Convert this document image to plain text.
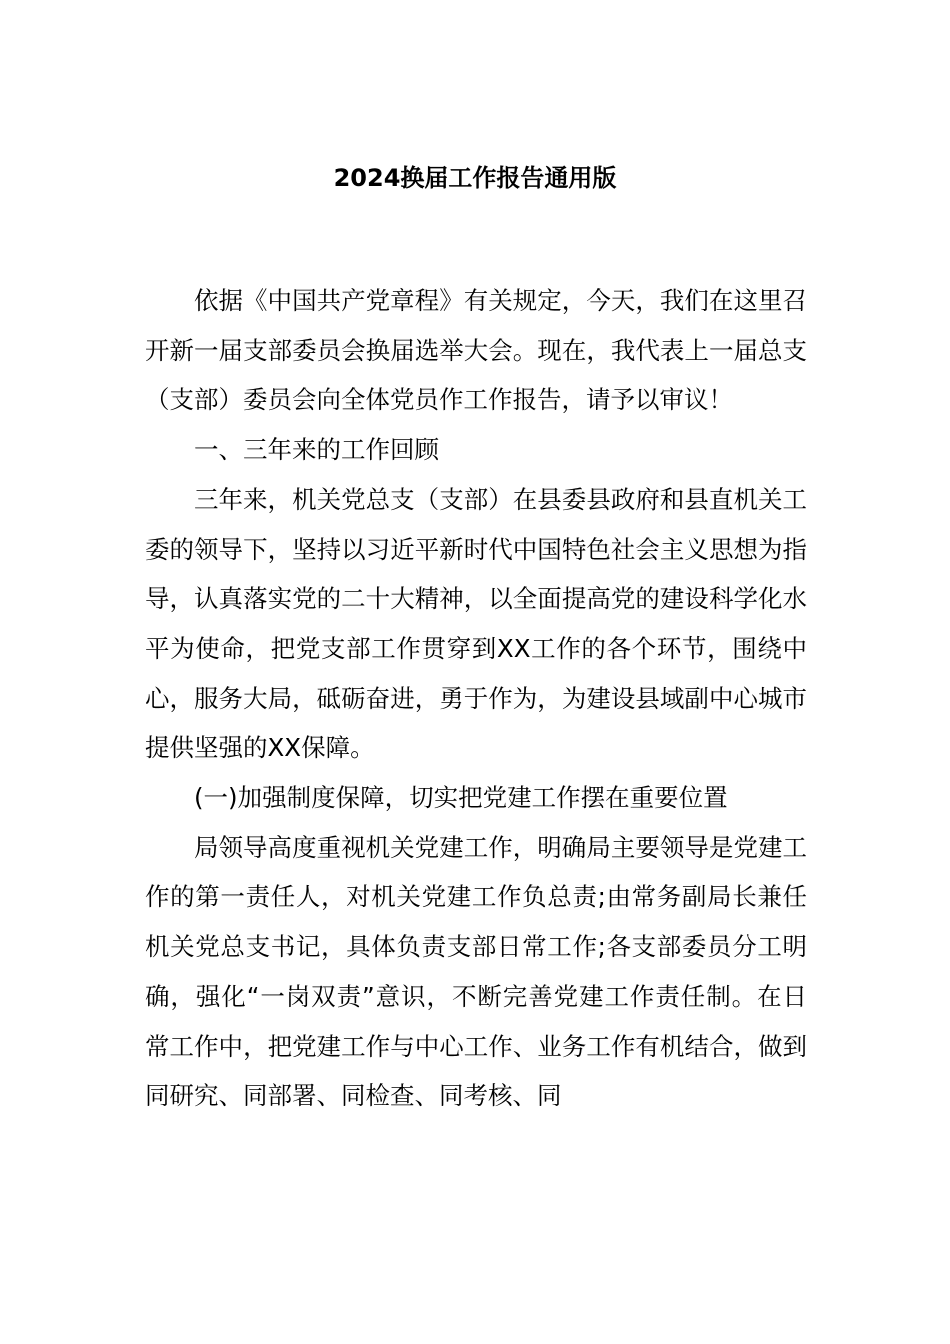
2024换届工作报告通用版

依据《中国共产党章程》有关规定，今天，我们在这里召开新一届支部委员会换届选举大会。现在，我代表上一届总支（支部）委员会向全体党员作工作报告，请予以审议！

一、三年来的工作回顾

三年来，机关党总支（支部）在县委县政府和县直机关工委的领导下，坚持以习近平新时代中国特色社会主义思想为指导，认真落实党的二十大精神，以全面提高党的建设科学化水平为使命，把党支部工作贯穿到XX工作的各个环节，围绕中心，服务大局，砥砺奋进，勇于作为，为建设县域副中心城市提供坚强的XX保障。

(一)加强制度保障，切实把党建工作摆在重要位置

局领导高度重视机关党建工作，明确局主要领导是党建工作的第一责任人，对机关党建工作负总责;由常务副局长兼任机关党总支书记，具体负责支部日常工作;各支部委员分工明确，强化“一岗双责”意识，不断完善党建工作责任制。在日常工作中，把党建工作与中心工作、业务工作有机结合，做到同研究、同部署、同检查、同考核、同
